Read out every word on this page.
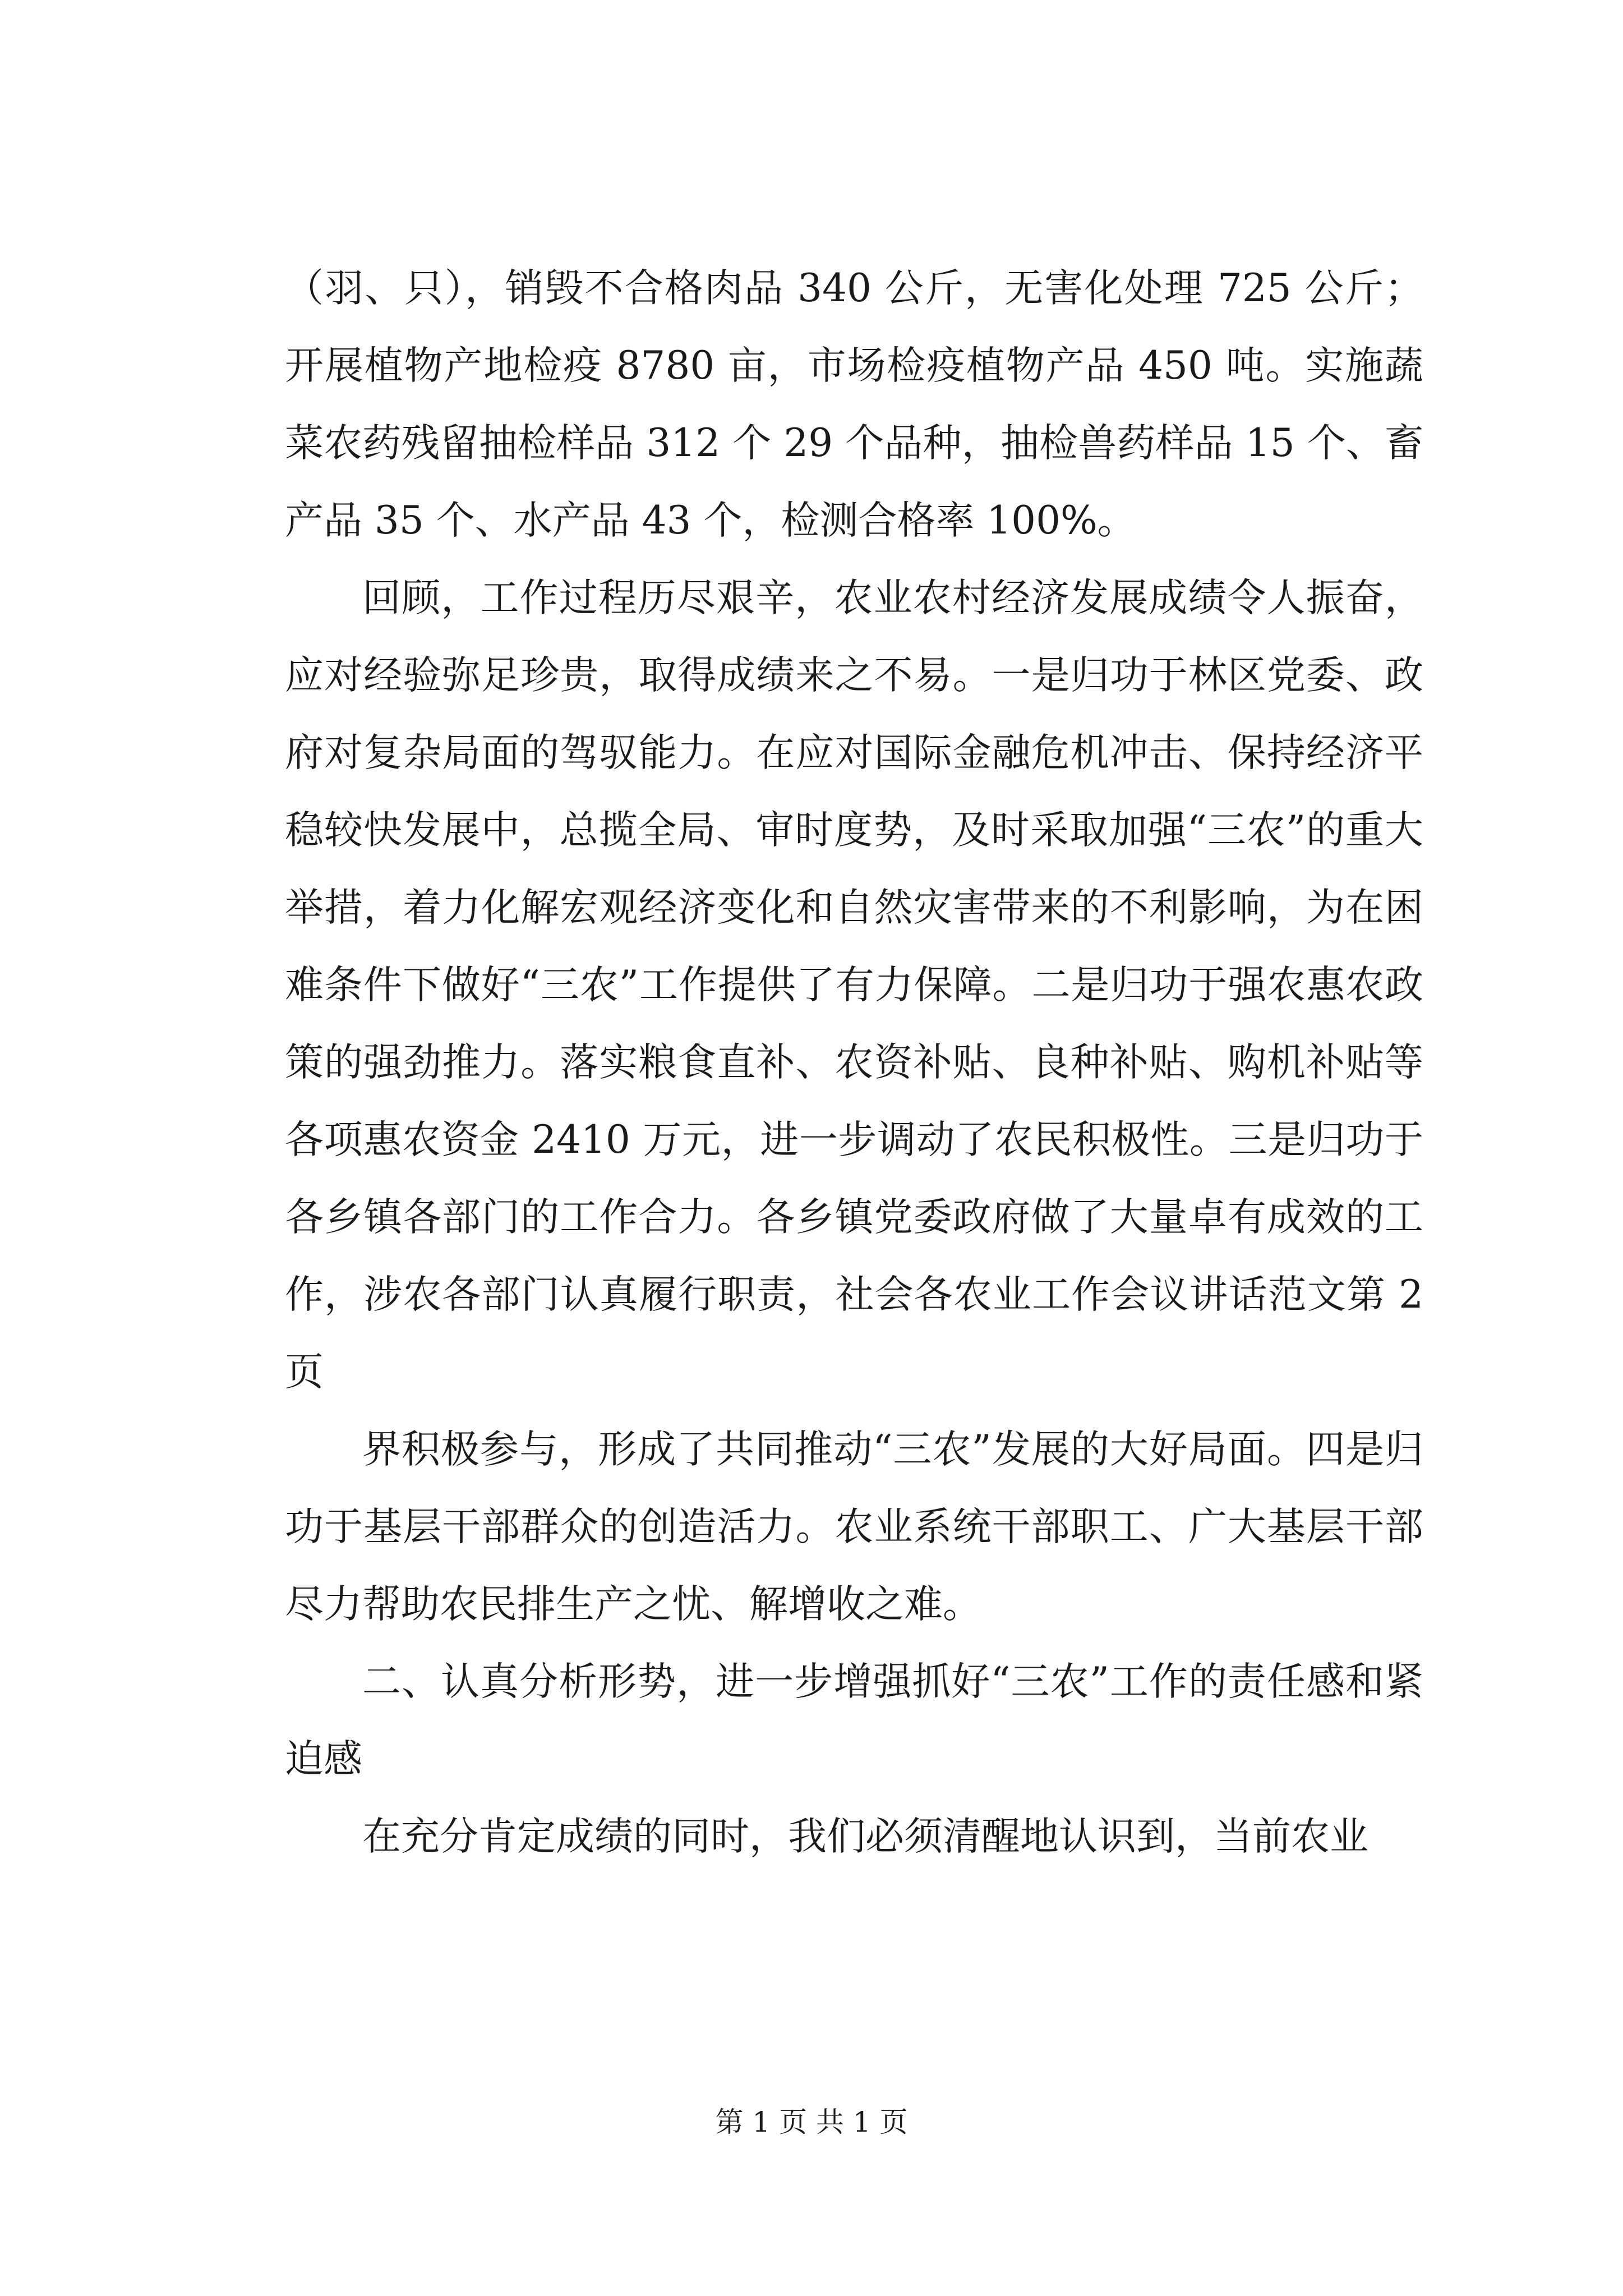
（羽、只），销毁不合格肉品 340 公斤，无害化处理 725 公斤；开展植物产地检疫 8780 亩，市场检疫植物产品 450 吨。实施蔬菜农药残留抽检样品 312 个 29 个品种，抽检兽药样品 15 个、畜产品 35 个、水产品 43 个，检测合格率 100%。

回顾，工作过程历尽艰辛，农业农村经济发展成绩令人振奋，应对经验弥足珍贵，取得成绩来之不易。一是归功于林区党委、政府对复杂局面的驾驭能力。在应对国际金融危机冲击、保持经济平稳较快发展中，总揽全局、审时度势，及时采取加强“三农”的重大举措，着力化解宏观经济变化和自然灾害带来的不利影响，为在困难条件下做好“三农”工作提供了有力保障。二是归功于强农惠农政策的强劲推力。落实粮食直补、农资补贴、良种补贴、购机补贴等各项惠农资金 2410 万元，进一步调动了农民积极性。三是归功于各乡镇各部门的工作合力。各乡镇党委政府做了大量卓有成效的工作，涉农各部门认真履行职责，社会各农业工作会议讲话范文第 2 页

界积极参与，形成了共同推动“三农”发展的大好局面。四是归功于基层干部群众的创造活力。农业系统干部职工、广大基层干部尽力帮助农民排生产之忧、解增收之难。

二、认真分析形势，进一步增强抓好“三农”工作的责任感和紧迫感

在充分肯定成绩的同时，我们必须清醒地认识到，当前农业

第 1 页 共 1 页
